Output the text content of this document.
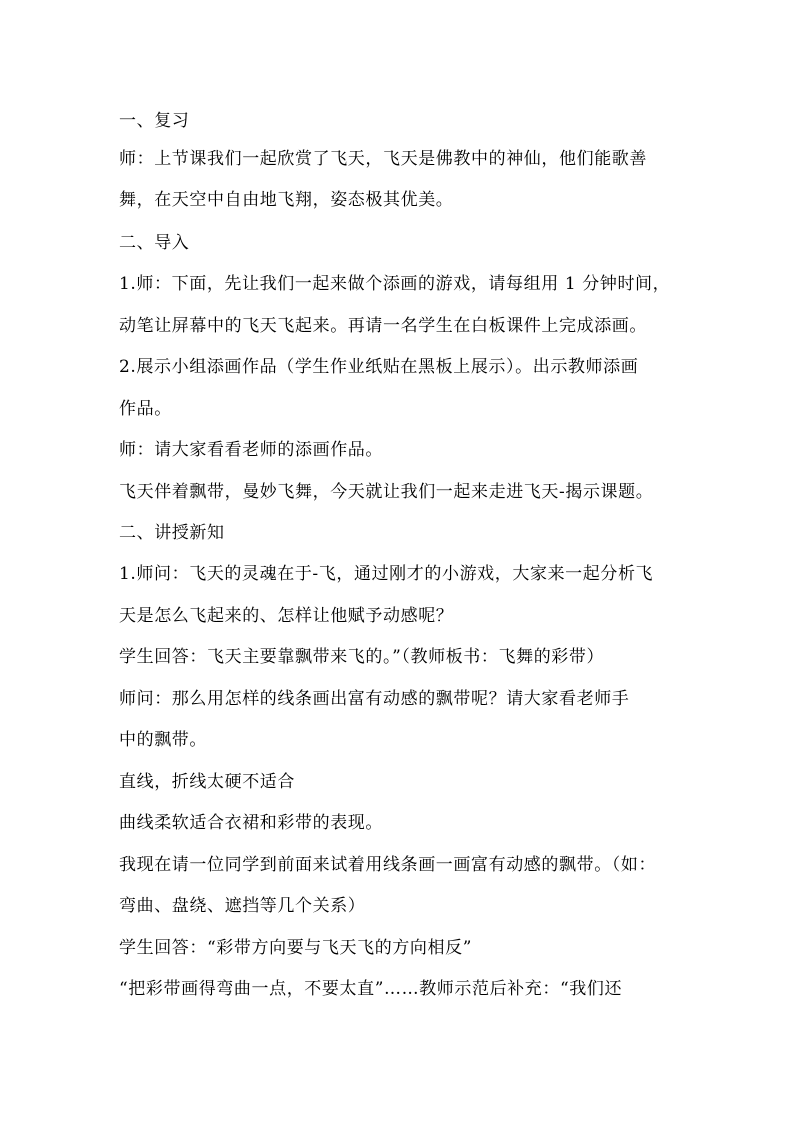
一、复习
师：上节课我们一起欣赏了飞天，飞天是佛教中的神仙，他们能歌善
舞，在天空中自由地飞翔，姿态极其优美。
二、导入
1.师：下面，先让我们一起来做个添画的游戏，请每组用 1 分钟时间，
动笔让屏幕中的飞天飞起来。再请一名学生在白板课件上完成添画。
2.展示小组添画作品（学生作业纸贴在黑板上展示）。出示教师添画
作品。
师：请大家看看老师的添画作品。
飞天伴着飘带，曼妙飞舞，今天就让我们一起来走进飞天-揭示课题。
二、讲授新知
1.师问：飞天的灵魂在于-飞，通过刚才的小游戏，大家来一起分析飞
天是怎么飞起来的、怎样让他赋予动感呢？
学生回答：飞天主要靠飘带来飞的。”（教师板书：飞舞的彩带）
师问：那么用怎样的线条画出富有动感的飘带呢？请大家看老师手
中的飘带。
直线，折线太硬不适合
曲线柔软适合衣裙和彩带的表现。
我现在请一位同学到前面来试着用线条画一画富有动感的飘带。（如：
弯曲、盘绕、遮挡等几个关系）
学生回答：“彩带方向要与飞天飞的方向相反”
“把彩带画得弯曲一点，不要太直”……教师示范后补充：“我们还
